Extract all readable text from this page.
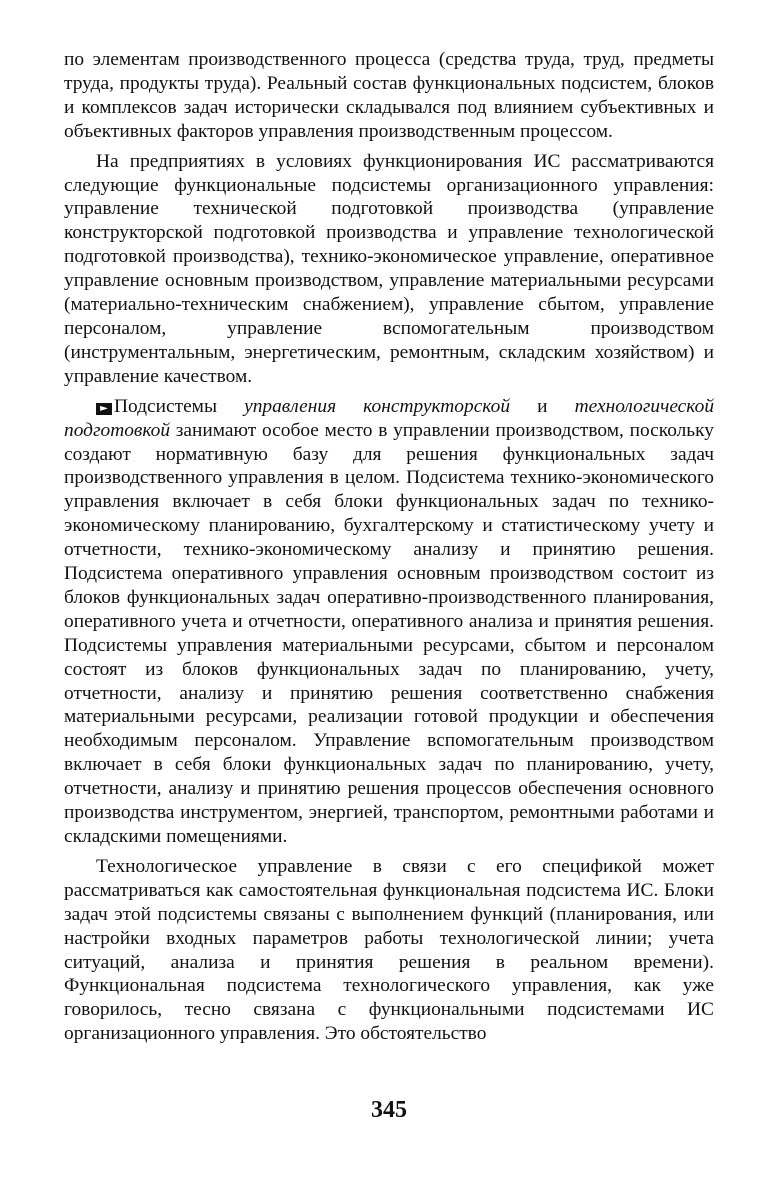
по элементам производственного процесса (средства труда, труд, предметы труда, продукты труда). Реальный состав функциональных подсистем, блоков и комплексов задач исторически складывался под влиянием субъективных и объективных факторов управления производственным процессом.

На предприятиях в условиях функционирования ИС рассматриваются следующие функциональные подсистемы организационного управления: управление технической подготовкой производства (управление конструкторской подготовкой производства и управление технологической подготовкой производства), технико-экономическое управление, оперативное управление основным производством, управление материальными ресурсами (материально-техническим снабжением), управление сбытом, управление персоналом, управление вспомогательным производством (инструментальным, энергетическим, ремонтным, складским хозяйством) и управление качеством.

► Подсистемы управления конструкторской и технологической подготовкой занимают особое место в управлении производством, поскольку создают нормативную базу для решения функциональных задач производственного управления в целом. Подсистема технико-экономического управления включает в себя блоки функциональных задач по технико-экономическому планированию, бухгалтерскому и статистическому учету и отчетности, технико-экономическому анализу и принятию решения. Подсистема оперативного управления основным производством состоит из блоков функциональных задач оперативно-производственного планирования, оперативного учета и отчетности, оперативного анализа и принятия решения. Подсистемы управления материальными ресурсами, сбытом и персоналом состоят из блоков функциональных задач по планированию, учету, отчетности, анализу и принятию решения соответственно снабжения материальными ресурсами, реализации готовой продукции и обеспечения необходимым персоналом. Управление вспомогательным производством включает в себя блоки функциональных задач по планированию, учету, отчетности, анализу и принятию решения процессов обеспечения основного производства инструментом, энергией, транспортом, ремонтными работами и складскими помещениями.

Технологическое управление в связи с его спецификой может рассматриваться как самостоятельная функциональная подсистема ИС. Блоки задач этой подсистемы связаны с выполнением функций (планирования, или настройки входных параметров работы технологической линии; учета ситуаций, анализа и принятия решения в реальном времени). Функциональная подсистема технологического управления, как уже говорилось, тесно связана с функциональными подсистемами ИС организационного управления. Это обстоятельство

345
